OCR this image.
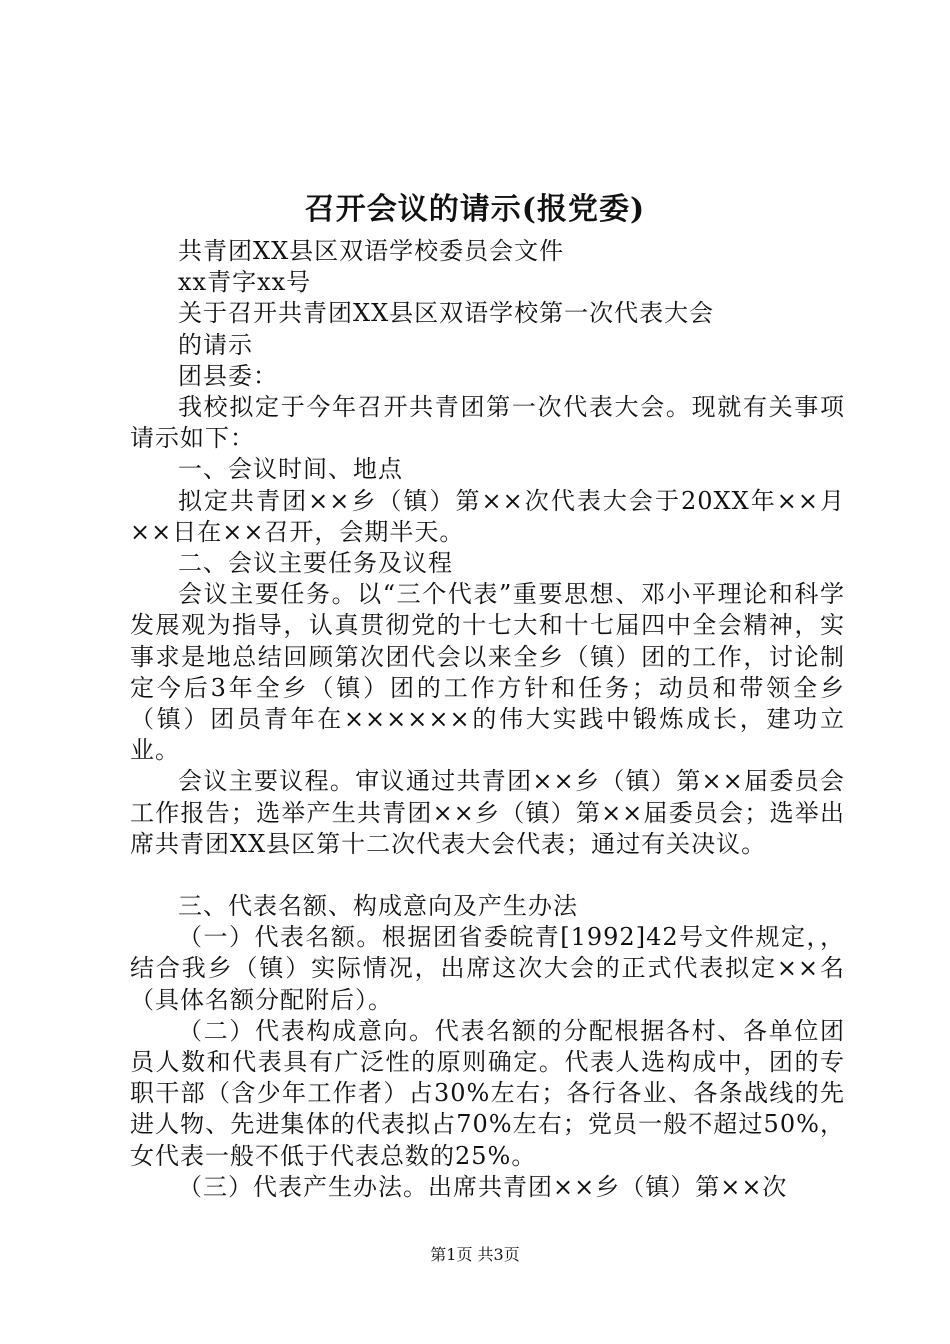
召开会议的请示(报党委)

共青团XX县区双语学校委员会文件

xx青字xx号

关于召开共青团XX县区双语学校第一次代表大会

的请示

团县委：

我校拟定于今年召开共青团第一次代表大会。现就有关事项请示如下：

一、会议时间、地点

拟定共青团××乡（镇）第××次代表大会于20XX年××月××日在××召开，会期半天。

二、会议主要任务及议程

会议主要任务。以“三个代表”重要思想、邓小平理论和科学发展观为指导，认真贯彻党的十七大和十七届四中全会精神，实事求是地总结回顾第次团代会以来全乡（镇）团的工作，讨论制定今后3年全乡（镇）团的工作方针和任务；动员和带领全乡（镇）团员青年在××××××的伟大实践中锻炼成长，建功立业。

会议主要议程。审议通过共青团××乡（镇）第××届委员会工作报告；选举产生共青团××乡（镇）第××届委员会；选举出席共青团XX县区第十二次代表大会代表；通过有关决议。

三、代表名额、构成意向及产生办法

（一）代表名额。根据团省委皖青[1992]42号文件规定，，结合我乡（镇）实际情况，出席这次大会的正式代表拟定××名（具体名额分配附后）。

（二）代表构成意向。代表名额的分配根据各村、各单位团员人数和代表具有广泛性的原则确定。代表人选构成中，团的专职干部（含少年工作者）占30%左右；各行各业、各条战线的先进人物、先进集体的代表拟占70%左右；党员一般不超过50%，女代表一般不低于代表总数的25%。

（三）代表产生办法。出席共青团××乡（镇）第××次

第1页 共3页
